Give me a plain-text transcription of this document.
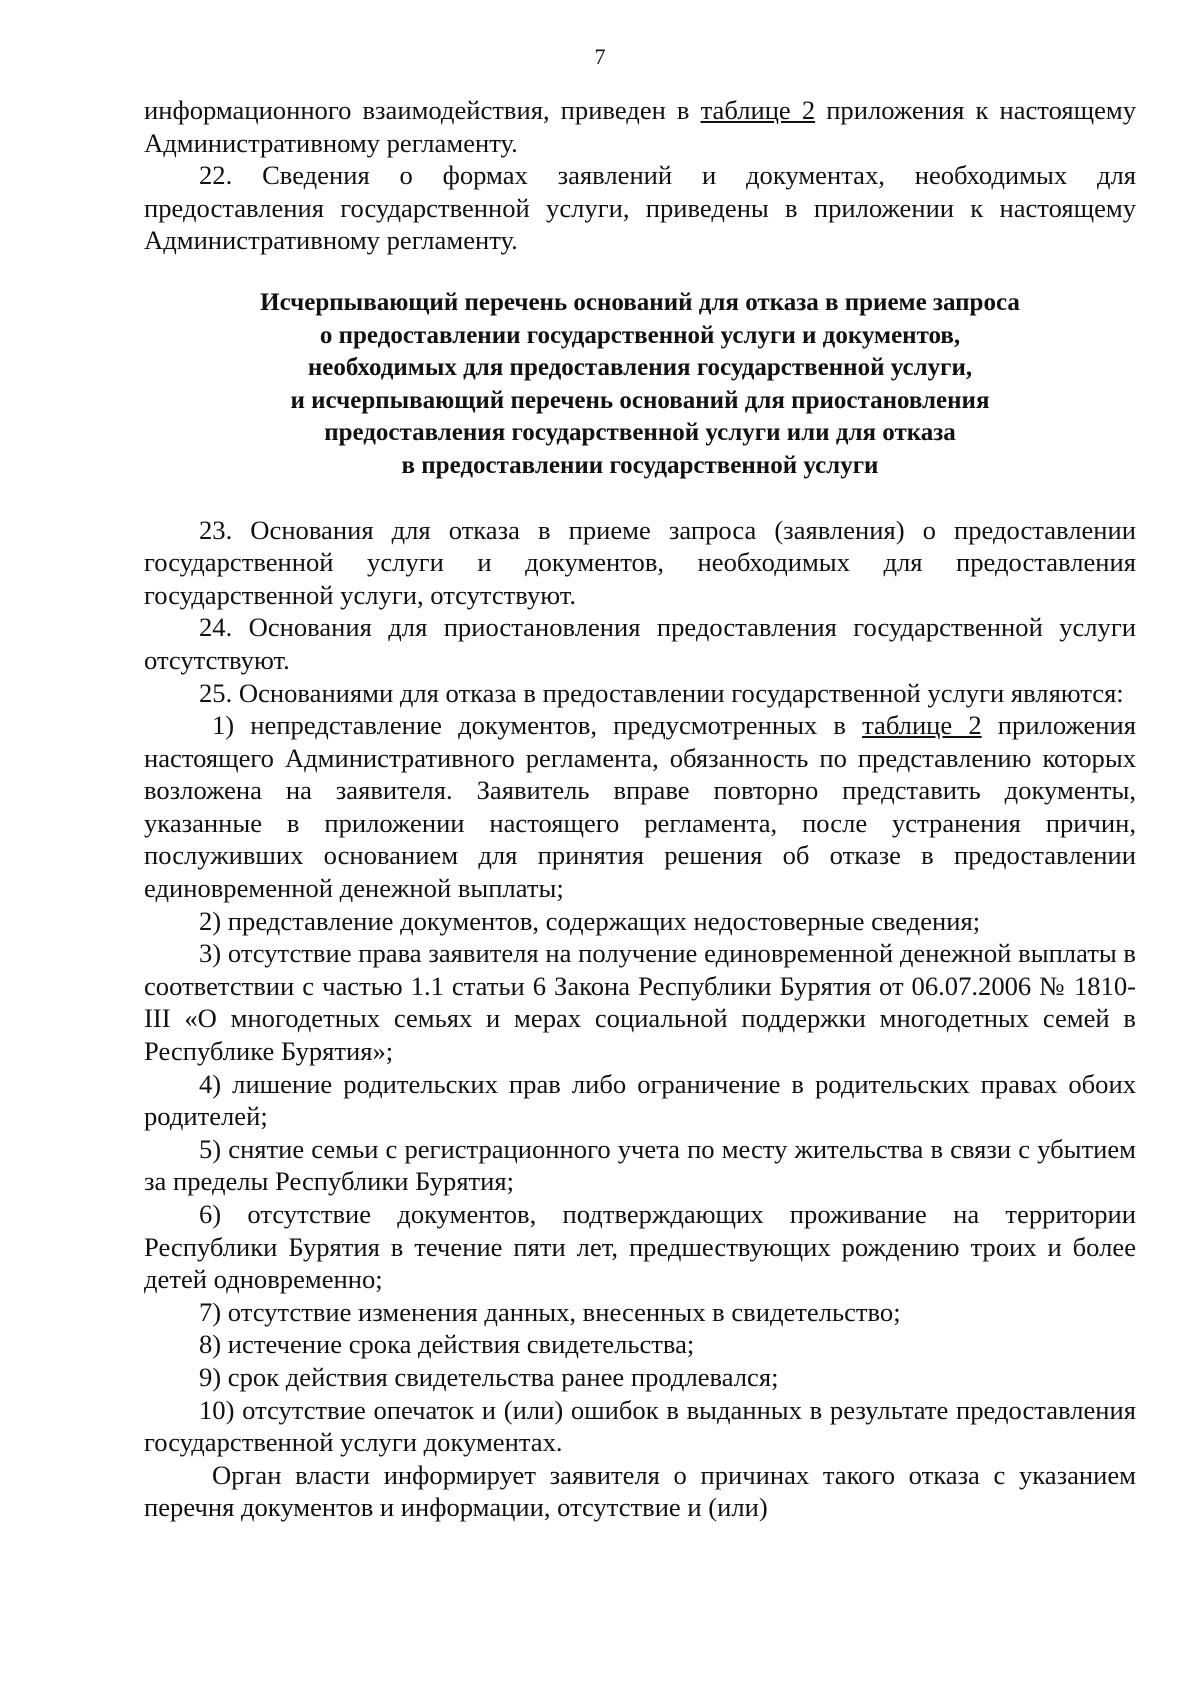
7

информационного взаимодействия, приведен в таблице 2 приложения к настоящему Административному регламенту.

22. Сведения о формах заявлений и документах, необходимых для предоставления государственной услуги, приведены в приложении к настоящему Административному регламенту.

Исчерпывающий перечень оснований для отказа в приеме запроса
о предоставлении государственной услуги и документов,
необходимых для предоставления государственной услуги,
и исчерпывающий перечень оснований для приостановления
предоставления государственной услуги или для отказа
в предоставлении государственной услуги

23. Основания для отказа в приеме запроса (заявления) о предоставлении государственной услуги и документов, необходимых для предоставления государственной услуги, отсутствуют.

24. Основания для приостановления предоставления государственной услуги отсутствуют.

25. Основаниями для отказа в предоставлении государственной услуги являются:

1) непредставление документов, предусмотренных в таблице 2 приложения настоящего Административного регламента, обязанность по представлению которых возложена на заявителя. Заявитель вправе повторно представить документы, указанные в приложении настоящего регламента, после устранения причин, послуживших основанием для принятия решения об отказе в предоставлении единовременной денежной выплаты;

2) представление документов, содержащих недостоверные сведения;

3) отсутствие права заявителя на получение единовременной денежной выплаты в соответствии с частью 1.1 статьи 6 Закона Республики Бурятия от 06.07.2006 № 1810-III «О многодетных семьях и мерах социальной поддержки многодетных семей в Республике Бурятия»;

4) лишение родительских прав либо ограничение в родительских правах обоих родителей;

5) снятие семьи с регистрационного учета по месту жительства в связи с убытием за пределы Республики Бурятия;

6) отсутствие документов, подтверждающих проживание на территории Республики Бурятия в течение пяти лет, предшествующих рождению троих и более детей одновременно;

7) отсутствие изменения данных, внесенных в свидетельство;

8) истечение срока действия свидетельства;

9) срок действия свидетельства ранее продлевался;

10) отсутствие опечаток и (или) ошибок в выданных в результате предоставления государственной услуги документах.

Орган власти информирует заявителя о причинах такого отказа с указанием перечня документов и информации, отсутствие и (или)
